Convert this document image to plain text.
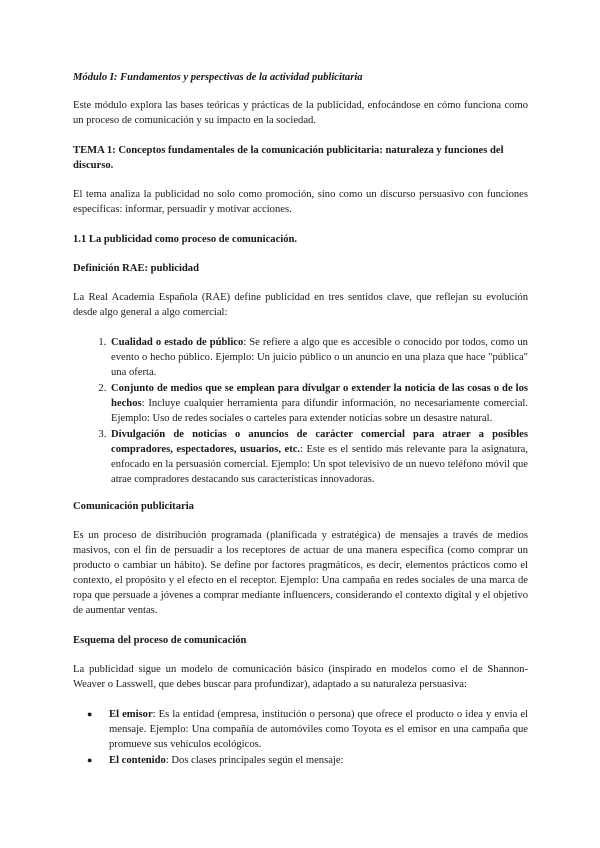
Módulo I: Fundamentos y perspectivas de la actividad publicitaria

Este módulo explora las bases teóricas y prácticas de la publicidad, enfocándose en cómo funciona como un proceso de comunicación y su impacto en la sociedad.

TEMA 1: Conceptos fundamentales de la comunicación publicitaria: naturaleza y funciones del discurso.

El tema analiza la publicidad no solo como promoción, sino como un discurso persuasivo con funciones específicas: informar, persuadir y motivar acciones.

1.1 La publicidad como proceso de comunicación.

Definición RAE: publicidad

La Real Academia Española (RAE) define publicidad en tres sentidos clave, que reflejan su evolución desde algo general a algo comercial:

1. Cualidad o estado de público: Se refiere a algo que es accesible o conocido por todos, como un evento o hecho público. Ejemplo: Un juicio público o un anuncio en una plaza que hace "pública" una oferta.
2. Conjunto de medios que se emplean para divulgar o extender la noticia de las cosas o de los hechos: Incluye cualquier herramienta para difundir información, no necesariamente comercial. Ejemplo: Uso de redes sociales o carteles para extender noticias sobre un desastre natural.
3. Divulgación de noticias o anuncios de carácter comercial para atraer a posibles compradores, espectadores, usuarios, etc.: Este es el sentido más relevante para la asignatura, enfocado en la persuasión comercial. Ejemplo: Un spot televisivo de un nuevo teléfono móvil que atrae compradores destacando sus características innovadoras.

Comunicación publicitaria

Es un proceso de distribución programada (planificada y estratégica) de mensajes a través de medios masivos, con el fin de persuadir a los receptores de actuar de una manera específica (como comprar un producto o cambiar un hábito). Se define por factores pragmáticos, es decir, elementos prácticos como el contexto, el propósito y el efecto en el receptor. Ejemplo: Una campaña en redes sociales de una marca de ropa que persuade a jóvenes a comprar mediante influencers, considerando el contexto digital y el objetivo de aumentar ventas.

Esquema del proceso de comunicación

La publicidad sigue un modelo de comunicación básico (inspirado en modelos como el de Shannon-Weaver o Lasswell, que debes buscar para profundizar), adaptado a su naturaleza persuasiva:

● El emisor: Es la entidad (empresa, institución o persona) que ofrece el producto o idea y envía el mensaje. Ejemplo: Una compañía de automóviles como Toyota es el emisor en una campaña que promueve sus vehículos ecológicos.
● El contenido: Dos clases principales según el mensaje:
